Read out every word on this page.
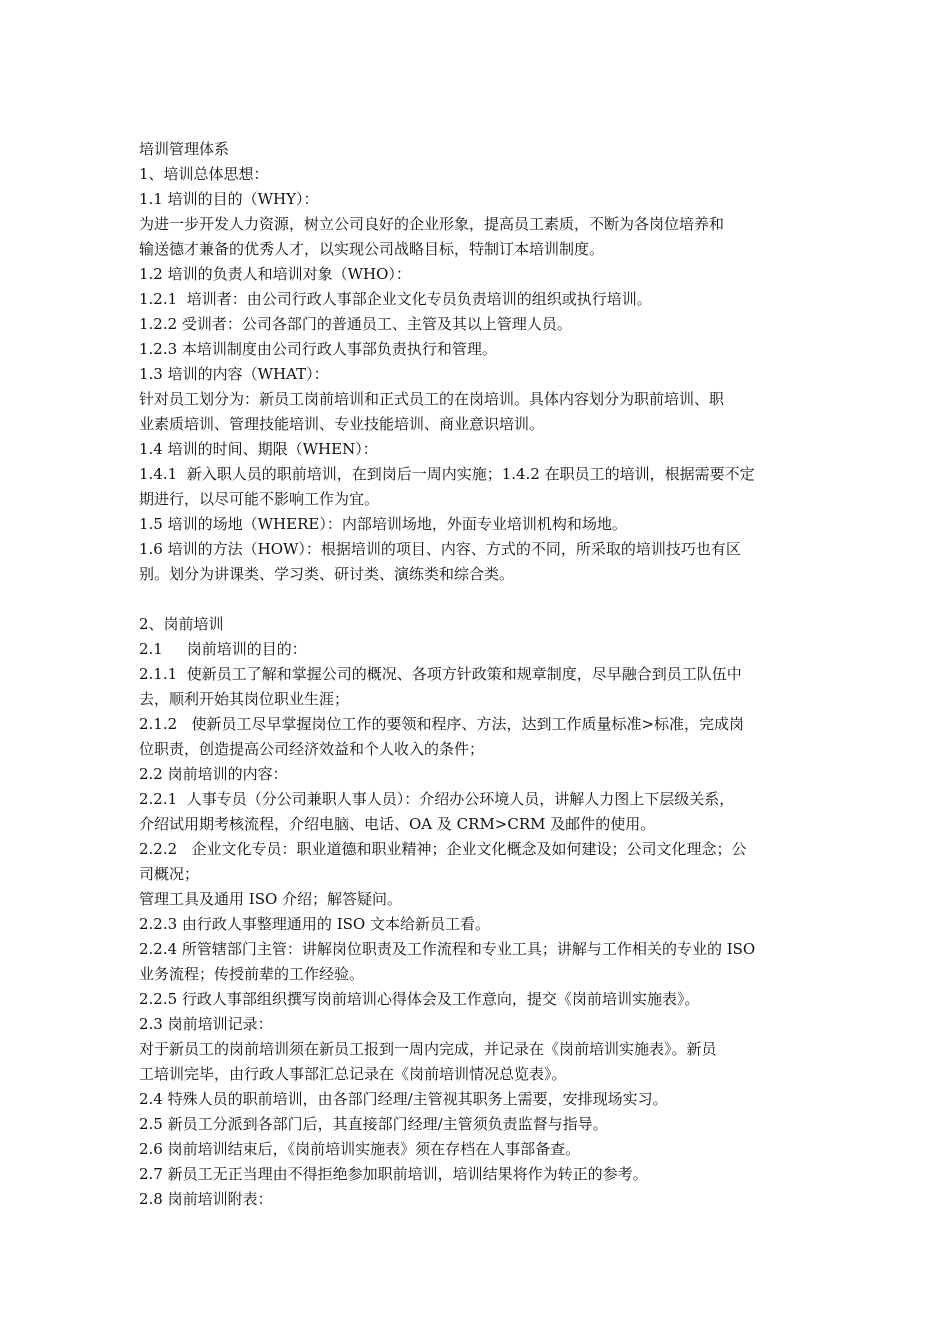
培训管理体系
1、培训总体思想：
1.1 培训的目的（WHY）：
为进一步开发人力资源，树立公司良好的企业形象，提高员工素质，不断为各岗位培养和
输送德才兼备的优秀人才，以实现公司战略目标，特制订本培训制度。
1.2 培训的负责人和培训对象（WHO）：
1.2.1  培训者：由公司行政人事部企业文化专员负责培训的组织或执行培训。
1.2.2 受训者：公司各部门的普通员工、主管及其以上管理人员。
1.2.3 本培训制度由公司行政人事部负责执行和管理。
1.3 培训的内容（WHAT）：
针对员工划分为：新员工岗前培训和正式员工的在岗培训。具体内容划分为职前培训、职
业素质培训、管理技能培训、专业技能培训、商业意识培训。
1.4 培训的时间、期限（WHEN）：
1.4.1  新入职人员的职前培训，在到岗后一周内实施；1.4.2 在职员工的培训，根据需要不定
期进行，以尽可能不影响工作为宜。
1.5 培训的场地（WHERE）：内部培训场地，外面专业培训机构和场地。
1.6 培训的方法（HOW）：根据培训的项目、内容、方式的不同，所采取的培训技巧也有区
别。划分为讲课类、学习类、研讨类、演练类和综合类。
2、岗前培训
2.1     岗前培训的目的：
2.1.1  使新员工了解和掌握公司的概况、各项方针政策和规章制度，尽早融合到员工队伍中
去，顺利开始其岗位职业生涯；
2.1.2   使新员工尽早掌握岗位工作的要领和程序、方法，达到工作质量标准>标准，完成岗
位职责，创造提高公司经济效益和个人收入的条件；
2.2 岗前培训的内容：
2.2.1  人事专员（分公司兼职人事人员）：介绍办公环境人员，讲解人力图上下层级关系，
介绍试用期考核流程，介绍电脑、电话、OA 及 CRM>CRM 及邮件的使用。
2.2.2   企业文化专员：职业道德和职业精神；企业文化概念及如何建设；公司文化理念；公
司概况；
管理工具及通用 ISO 介绍；解答疑问。
2.2.3 由行政人事整理通用的 ISO 文本给新员工看。
2.2.4 所管辖部门主管：讲解岗位职责及工作流程和专业工具；讲解与工作相关的专业的 ISO
业务流程；传授前辈的工作经验。
2.2.5 行政人事部组织撰写岗前培训心得体会及工作意向，提交《岗前培训实施表》。
2.3 岗前培训记录：
对于新员工的岗前培训须在新员工报到一周内完成，并记录在《岗前培训实施表》。新员
工培训完毕，由行政人事部汇总记录在《岗前培训情况总览表》。
2.4 特殊人员的职前培训，由各部门经理/主管视其职务上需要，安排现场实习。
2.5 新员工分派到各部门后，其直接部门经理/主管须负责监督与指导。
2.6 岗前培训结束后，《岗前培训实施表》须在存档在人事部备查。
2.7 新员工无正当理由不得拒绝参加职前培训，培训结果将作为转正的参考。
2.8 岗前培训附表：
